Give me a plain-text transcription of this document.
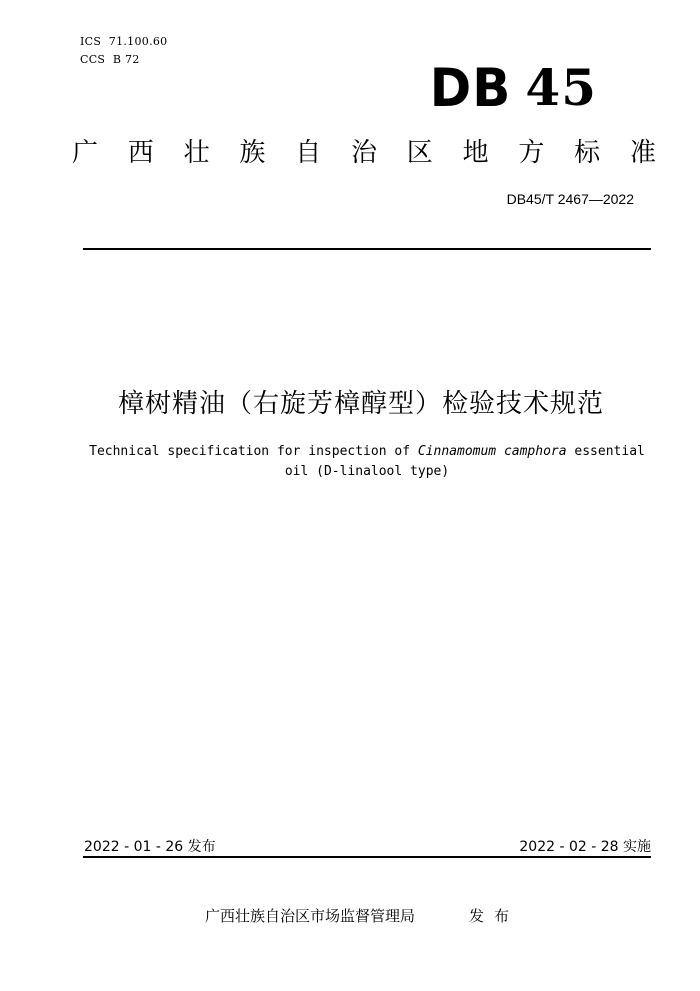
ICS  71.100.60
CCS  B 72	DB 45
广 西 壮 族 自 治 区 地 方 标 准
DB45/T 2467—2022
樟树精油（右旋芳樟醇型）检验技术规范
Technical specification for inspection of Cinnamomum camphora essential oil (D-linalool type)
2022 - 01 - 26 发布	2022 - 02 - 28 实施
广西壮族自治区市场监督管理局	发布
